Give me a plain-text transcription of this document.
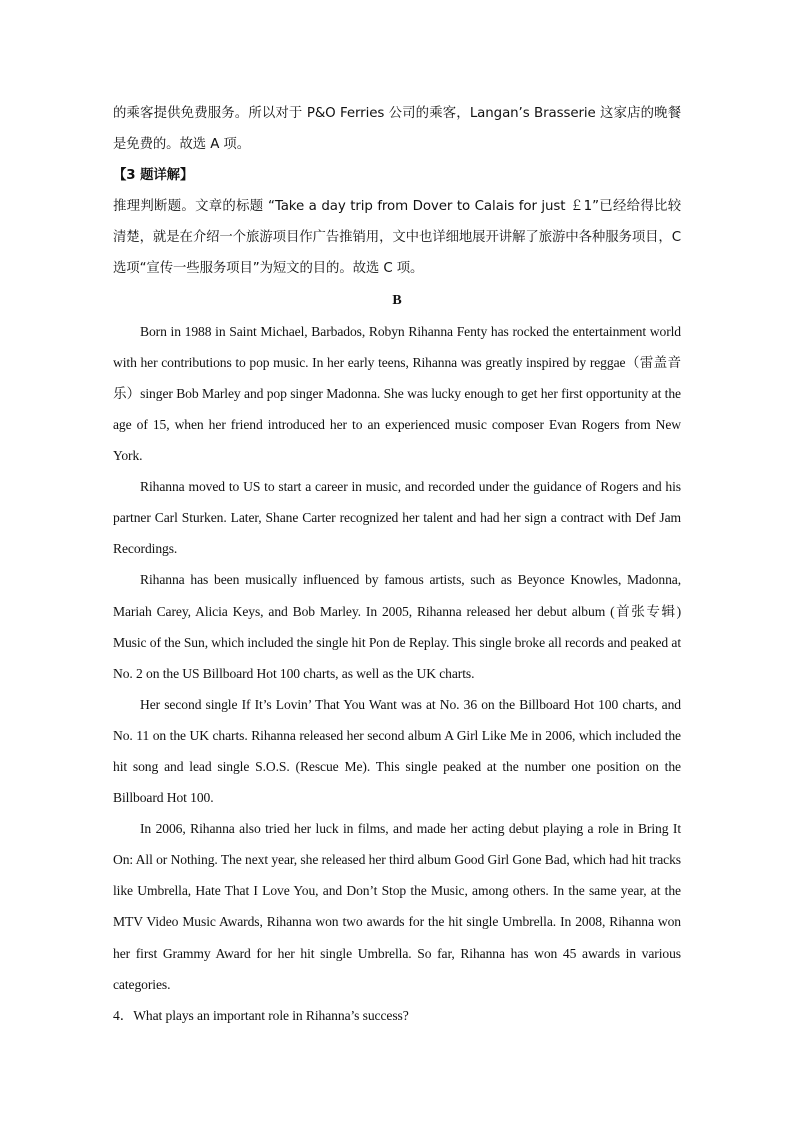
的乘客提供免费服务。所以对于 P&O Ferries 公司的乘客，Langan’s Brasserie 这家店的晚餐是免费的。故选 A 项。

【3 题详解】

推理判断题。文章的标题 “Take a day trip from Dover to Calais for just ￡1”已经给得比较清楚，就是在介绍一个旅游项目作广告推销用，文中也详细地展开讲解了旅游中各种服务项目，C 选项“宣传一些服务项目”为短文的目的。故选 C 项。

B

Born in 1988 in Saint Michael, Barbados, Robyn Rihanna Fenty has rocked the entertainment world with her contributions to pop music. In her early teens, Rihanna was greatly inspired by reggae（雷盖音乐）singer Bob Marley and pop singer Madonna. She was lucky enough to get her first opportunity at the age of 15, when her friend introduced her to an experienced music composer Evan Rogers from New York.

Rihanna moved to US to start a career in music, and recorded under the guidance of Rogers and his partner Carl Sturken. Later, Shane Carter recognized her talent and had her sign a contract with Def Jam Recordings.

Rihanna has been musically influenced by famous artists, such as Beyonce Knowles, Madonna, Mariah Carey, Alicia Keys, and Bob Marley. In 2005, Rihanna released her debut album (首张专辑) Music of the Sun, which included the single hit Pon de Replay. This single broke all records and peaked at No. 2 on the US Billboard Hot 100 charts, as well as the UK charts.

Her second single If It’s Lovin’ That You Want was at No. 36 on the Billboard Hot 100 charts, and No. 11 on the UK charts. Rihanna released her second album A Girl Like Me in 2006, which included the hit song and lead single S.O.S. (Rescue Me). This single peaked at the number one position on the Billboard Hot 100.

In 2006, Rihanna also tried her luck in films, and made her acting debut playing a role in Bring It On: All or Nothing. The next year, she released her third album Good Girl Gone Bad, which had hit tracks like Umbrella, Hate That I Love You, and Don’t Stop the Music, among others. In the same year, at the MTV Video Music Awards, Rihanna won two awards for the hit single Umbrella. In 2008, Rihanna won her first Grammy Award for her hit single Umbrella. So far, Rihanna has won 45 awards in various categories.

4．What plays an important role in Rihanna’s success?
